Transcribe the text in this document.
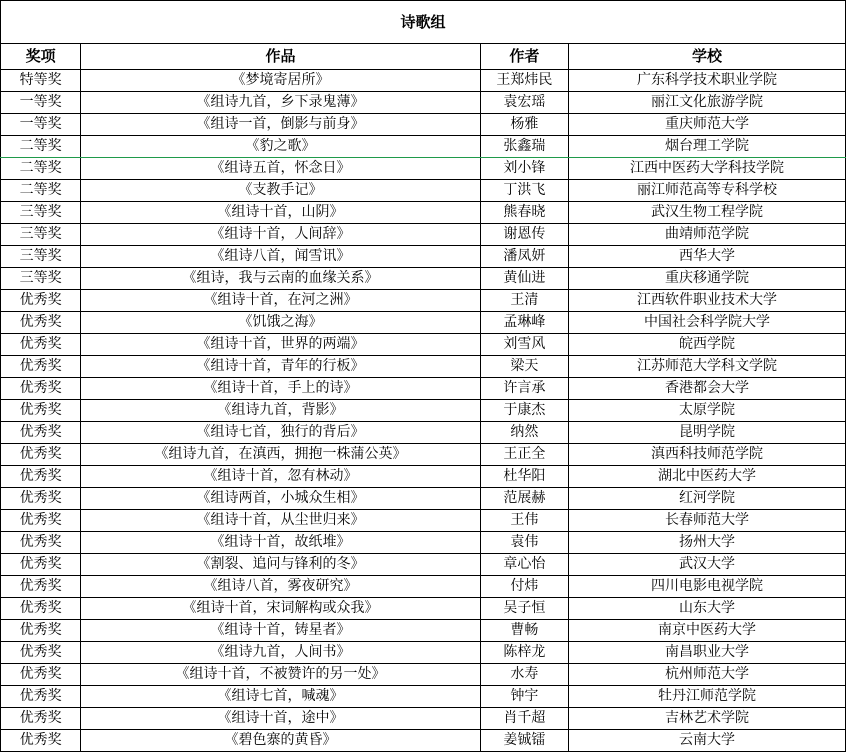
诗歌组			
奖项	作品	作者	学校
特等奖	《梦境寄居所》	王郑炜民	广东科学技术职业学院
一等奖	《组诗九首，乡下录鬼薄》	袁宏瑶	丽江文化旅游学院
一等奖	《组诗一首，倒影与前身》	杨雅	重庆师范大学
二等奖	《豹之歌》	张鑫瑞	烟台理工学院
二等奖	《组诗五首，怀念日》	刘小锋	江西中医药大学科技学院
二等奖	《支教手记》	丁洪飞	丽江师范高等专科学校
三等奖	《组诗十首，山阴》	熊春晓	武汉生物工程学院
三等奖	《组诗十首，人间辞》	谢恩传	曲靖师范学院
三等奖	《组诗八首，闻雪讯》	潘凤妍	西华大学
三等奖	《组诗，我与云南的血缘关系》	黄仙进	重庆移通学院
优秀奖	《组诗十首，在河之洲》	王清	江西软件职业技术大学
优秀奖	《饥饿之海》	孟琳峰	中国社会科学院大学
优秀奖	《组诗十首，世界的两端》	刘雪风	皖西学院
优秀奖	《组诗十首，青年的行板》	梁天	江苏师范大学科文学院
优秀奖	《组诗十首，手上的诗》	许言承	香港都会大学
优秀奖	《组诗九首，背影》	于康杰	太原学院
优秀奖	《组诗七首，独行的背后》	纳然	昆明学院
优秀奖	《组诗九首，在滇西，拥抱一株蒲公英》	王正全	滇西科技师范学院
优秀奖	《组诗十首，忽有林动》	杜华阳	湖北中医药大学
优秀奖	《组诗两首，小城众生相》	范展赫	红河学院
优秀奖	《组诗十首，从尘世归来》	王伟	长春师范大学
优秀奖	《组诗十首，故纸堆》	袁伟	扬州大学
优秀奖	《割裂、追问与锋利的冬》	章心怡	武汉大学
优秀奖	《组诗八首，雾夜研究》	付炜	四川电影电视学院
优秀奖	《组诗十首，宋词解构或众我》	吴子恒	山东大学
优秀奖	《组诗十首，铸星者》	曹畅	南京中医药大学
优秀奖	《组诗九首，人间书》	陈梓龙	南昌职业大学
优秀奖	《组诗十首，不被赞许的另一处》	水寿	杭州师范大学
优秀奖	《组诗七首，喊魂》	钟宇	牡丹江师范学院
优秀奖	《组诗十首，途中》	肖千超	吉林艺术学院
优秀奖	《碧色寨的黄昏》	姜铖镭	云南大学
